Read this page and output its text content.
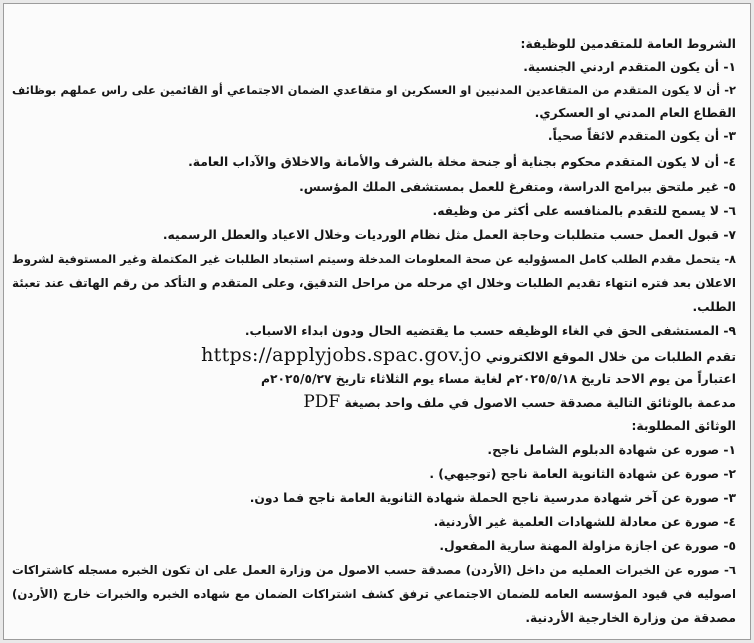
الشروط العامة للمتقدمين للوظيفة:
١- أن يكون المتقدم اردني الجنسية.
٢- أن لا يكون المتقدم من المتقاعدين المدنيين او العسكرين او متقاعدي الضمان الاجتماعي أو القائمين على راس عملهم بوظائف
القطاع العام المدني او العسكري.
٣- أن يكون المتقدم لائقاً صحياً.
٤- أن لا يكون المتقدم محكوم بجناية أو جنحة مخلة بالشرف والأمانة والاخلاق والآداب العامة.
٥- غير ملتحق ببرامج الدراسة، ومتفرغ للعمل بمستشفى الملك المؤسس.
٦- لا يسمح للتقدم بالمنافسه على أكثر من وظيفه.
٧- قبول العمل حسب متطلبات وحاجة العمل مثل نظام الورديات وخلال الاعياد والعطل الرسميه.
٨- يتحمل مقدم الطلب كامل المسؤوليه عن صحة المعلومات المدخلة وسيتم استبعاد الطلبات غير المكتملة وغير المستوفية لشروط
الاعلان بعد فتره انتهاء تقديم الطلبات وخلال اي مرحله من مراحل التدقيق، وعلى المتقدم و التأكد من رقم الهاتف عند تعبئة
الطلب.
٩- المستشفى الحق في الغاء الوظيفه حسب ما يقتضيه الحال ودون ابداء الاسباب.
تقدم الطلبات من خلال الموقع الالكتروني https://applyjobs.spac.gov.jo
اعتباراً من يوم الاحد تاريخ ٢٠٢٥/٥/١٨م لغاية مساء يوم الثلاثاء تاريخ ٢٠٢٥/٥/٢٧م
مدعمة بالوثائق التالية مصدقة حسب الاصول في ملف واحد بصيغة PDF
الوثائق المطلوبة:
١- صوره عن شهادة الدبلوم الشامل ناجح.
٢- صورة عن شهادة الثانوية العامة ناجح (توجيهي) .
٣- صورة عن آخر شهادة مدرسية ناجح الحملة شهادة الثانوية العامة ناجح فما دون.
٤- صورة عن معادلة للشهادات العلمية غير الأردنية.
٥- صورة عن اجازة مزاولة المهنة سارية المفعول.
٦- صوره عن الخبرات العمليه من داخل (الأردن) مصدقة حسب الاصول من وزارة العمل على ان تكون الخبره مسجله كاشتراكات
اصوليه في قيود المؤسسه العامه للضمان الاجتماعي ترفق كشف اشتراكات الضمان مع شهاده الخبره والخبرات خارج (الأردن)
مصدقة من وزارة الخارجية الأردنية.
